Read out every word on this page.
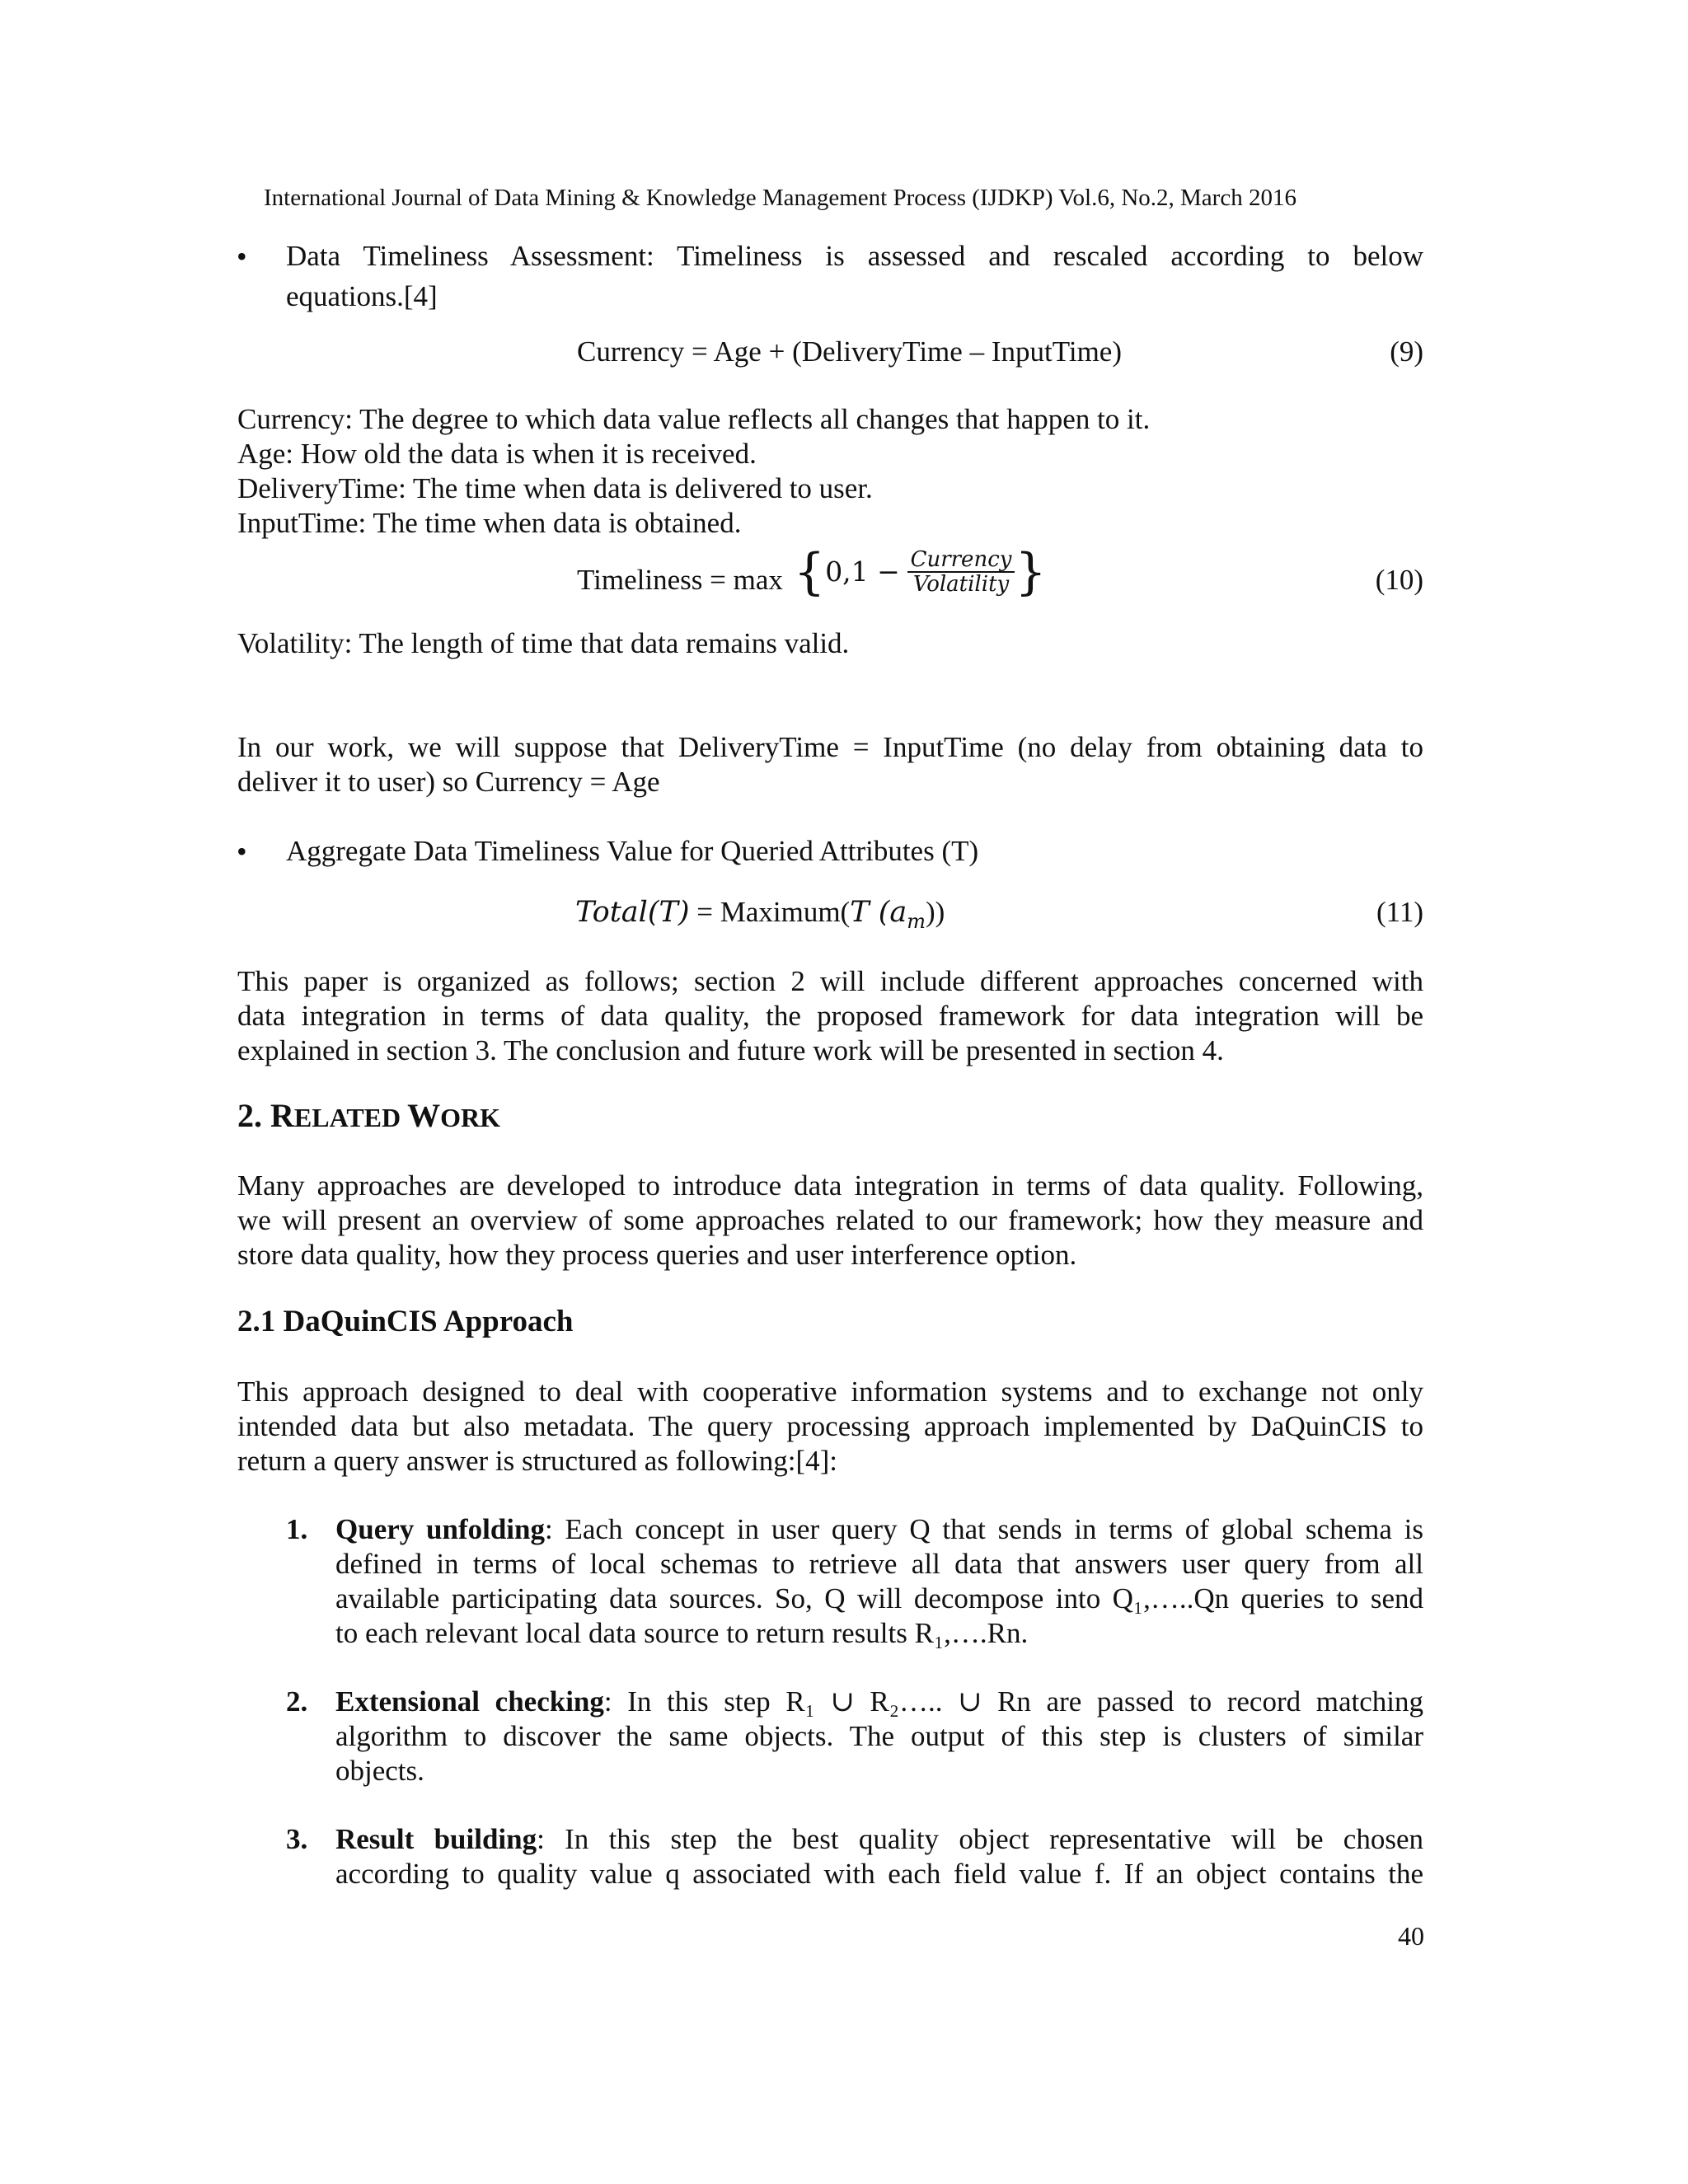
International Journal of Data Mining & Knowledge Management Process (IJDKP) Vol.6, No.2, March 2016
• Data Timeliness Assessment: Timeliness is assessed and rescaled according to below
equations.[4]
Currency = Age + (DeliveryTime – InputTime)	(9)
Currency: The degree to which data value reflects all changes that happen to it.
Age: How old the data is when it is received.
DeliveryTime: The time when data is delivered to user.
InputTime: The time when data is obtained.
Timeliness = $\max \{0,1 - \frac{\text{Currency}}{\text{Volatility}}$ }	(10)
Volatility: The length of time that data remains valid.
In our work, we will suppose that DeliveryTime = InputTime (no delay from obtaining data to
deliver it to user) so Currency = Age
• Aggregate Data Timeliness Value for Queried Attributes (T)
Total(T) = Maximum(T $(a_m)$)	(11)
This paper is organized as follows; section 2 will include different approaches concerned with
data integration in terms of data quality, the proposed framework for data integration will be
explained in section 3. The conclusion and future work will be presented in section 4.
2. RELATED WORK
Many approaches are developed to introduce data integration in terms of data quality. Following,
we will present an overview of some approaches related to our framework; how they measure and
store data quality, how they process queries and user interference option.
2.1 DaQuinCIS Approach
This approach designed to deal with cooperative information systems and to exchange not only
intended data but also metadata. The query processing approach implemented by DaQuinCIS to
return a query answer is structured as following:[4]:
1. Query unfolding: Each concept in user query Q that sends in terms of global schema is
defined in terms of local schemas to retrieve all data that answers user query from all
available participating data sources. So, Q will decompose into Q₁,…..Qn queries to send
to each relevant local data source to return results R₁,….Rn.
2. Extensional checking: In this step R₁ ∪ R₂….. ∪ Rn are passed to record matching
algorithm to discover the same objects. The output of this step is clusters of similar
objects.
3. Result building: In this step the best quality object representative will be chosen
according to quality value q associated with each field value f. If an object contains the
40
